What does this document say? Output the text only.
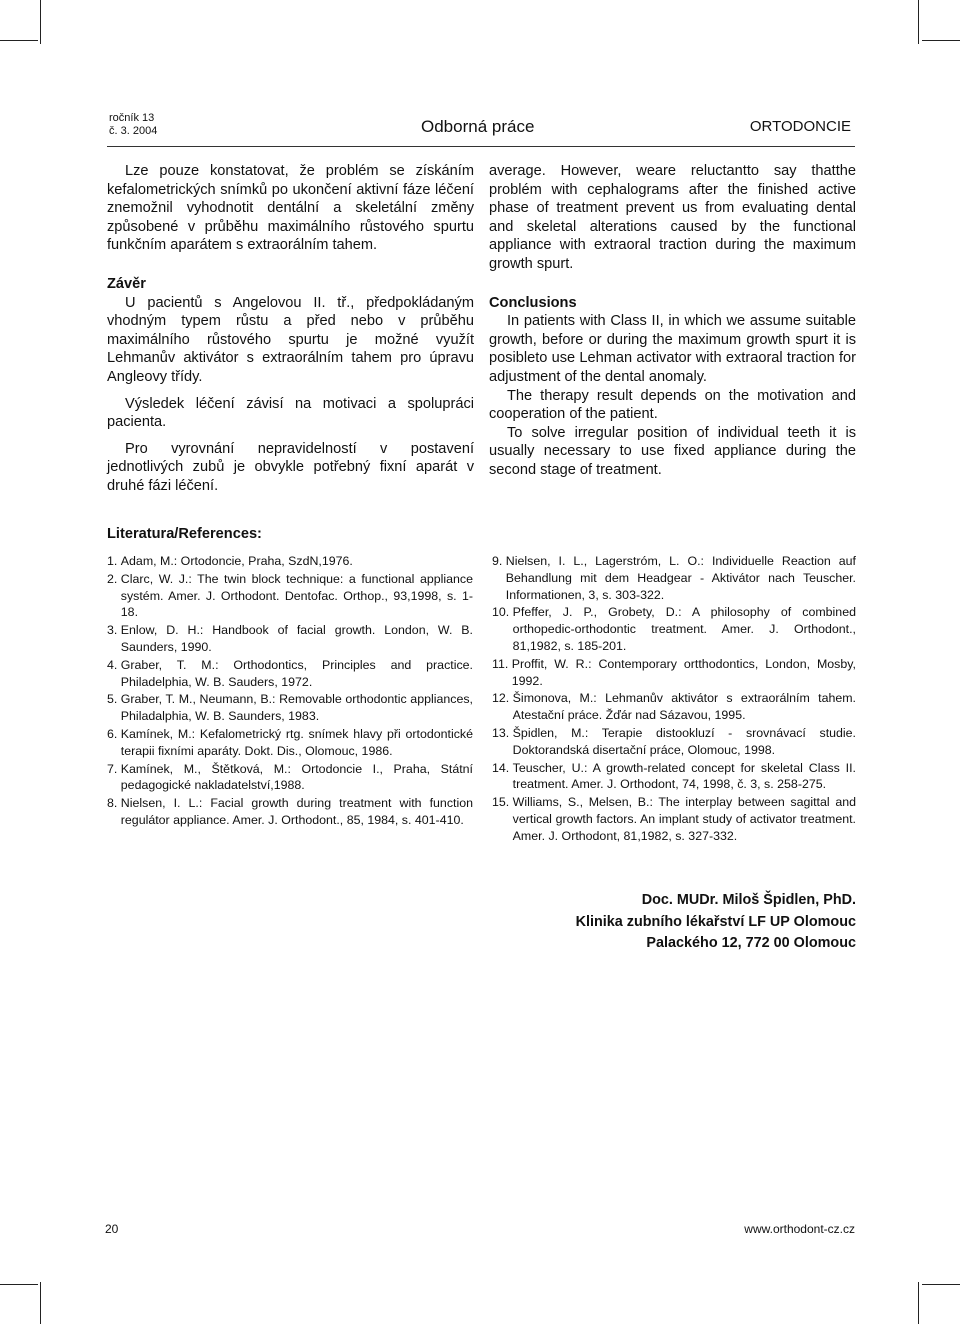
ročník 13
č. 3. 2004	Odborná práce	ORTODONCIE

Lze pouze konstatovat, že problém se získáním kefalometrických snímků po ukončení aktivní fáze léčení znemožnil vyhodnotit dentální a skeletální změny způsobené v průběhu maximálního růstového spurtu funkčním aparátem s extraorálním tahem.

Závěr

U pacientů s Angelovou II. tř., předpokládaným vhodným typem růstu a před nebo v průběhu maximálního růstového spurtu je možné využít Lehmanův aktivátor s extraorálním tahem pro úpravu Angleovy třídy.

Výsledek léčení závisí na motivaci a spolupráci pacienta.

Pro vyrovnání nepravidelností v postavení jednotlivých zubů je obvykle potřebný fixní aparát v druhé fázi léčení.

average. However, weare reluctantto say thatthe problém with cephalograms after the finished active phase of treatment prevent us from evaluating dental and skeletal alterations caused by the functional appliance with extraoral traction during the maximum growth spurt.

Conclusions

In patients with Class II, in which we assume suitable growth, before or during the maximum growth spurt it is posibleto use Lehman activator with extraoral traction for adjustment of the dental anomaly.

The therapy result depends on the motivation and cooperation of the patient.

To solve irregular position of individual teeth it is usually necessary to use fixed appliance during the second stage of treatment.

Literatura/References:
1. Adam, M.: Ortodoncie, Praha, SzdN,1976.
2. Clarc, W. J.: The twin block technique: a functional appliance systém. Amer. J. Orthodont. Dentofac. Orthop., 93,1998, s. 1-18.
3. Enlow, D. H.: Handbook of facial growth. London, W. B. Saunders, 1990.
4. Graber, T. M.: Orthodontics, Principles and practice. Philadelphia, W. B. Sauders, 1972.
5. Graber, T. M., Neumann, B.: Removable orthodontic appliances, Philadalphia, W. B. Saunders, 1983.
6. Kamínek, M.: Kefalometrický rtg. snímek hlavy při ortodontické terapii fixními aparáty. Dokt. Dis., Olomouc, 1986.
7. Kamínek, M., Štětková, M.: Ortodoncie I., Praha, Státní pedagogické nakladatelství,1988.
8. Nielsen, I. L.: Facial growth during treatment with function regulátor appliance. Amer. J. Orthodont., 85, 1984, s. 401-410.
9. Nielsen, I. L., Lagerstróm, L. O.: Individuelle Reaction auf Behandlung mit dem Headgear - Aktivátor nach Teuscher. Informationen, 3, s. 303-322.
10. Pfeffer, J. P., Grobety, D.: A philosophy of combined orthopedic-orthodontic treatment. Amer. J. Orthodont., 81,1982, s. 185-201.
11. Proffit, W. R.: Contemporary ortthodontics, London, Mosby, 1992.
12. Šimonova, M.: Lehmanův aktivátor s extraorálním tahem. Atestační práce. Žďár nad Sázavou, 1995.
13. Špidlen, M.: Terapie distookluzí - srovnávací studie. Doktorandská disertační práce, Olomouc, 1998.
14. Teuscher, U.: A growth-related concept for skeletal Class II. treatment. Amer. J. Orthodont, 74, 1998, č. 3, s. 258-275.
15. Williams, S., Melsen, B.: The interplay between sagittal and vertical growth factors. An implant study of activator treatment. Amer. J. Orthodont, 81,1982, s. 327-332.
Doc. MUDr. Miloš Špidlen, PhD.
Klinika zubního lékařství LF UP Olomouc
Palackého 12, 772 00 Olomouc
20	www.orthodont-cz.cz
